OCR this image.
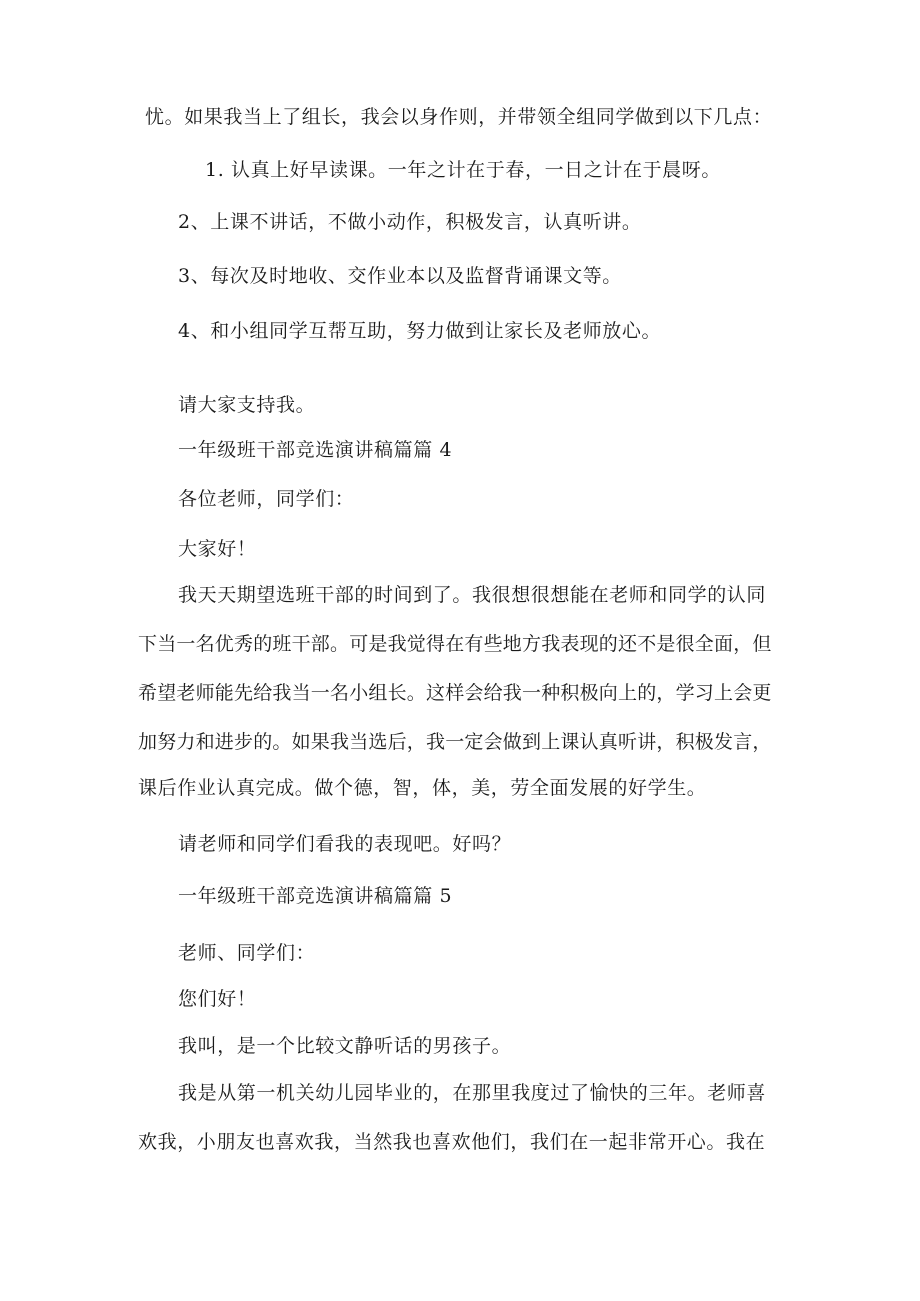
忧。如果我当上了组长，我会以身作则，并带领全组同学做到以下几点：

1. 认真上好早读课。一年之计在于春，一日之计在于晨呀。

2、上课不讲话，不做小动作，积极发言，认真听讲。

3、每次及时地收、交作业本以及监督背诵课文等。

4、和小组同学互帮互助，努力做到让家长及老师放心。

请大家支持我。

一年级班干部竞选演讲稿篇篇 4

各位老师，同学们：

大家好！

我天天期望选班干部的时间到了。我很想很想能在老师和同学的认同

下当一名优秀的班干部。可是我觉得在有些地方我表现的还不是很全面，但

希望老师能先给我当一名小组长。这样会给我一种积极向上的，学习上会更

加努力和进步的。如果我当选后，我一定会做到上课认真听讲，积极发言，

课后作业认真完成。做个德，智，体，美，劳全面发展的好学生。

请老师和同学们看我的表现吧。好吗？

一年级班干部竞选演讲稿篇篇 5

老师、同学们：

您们好！

我叫，是一个比较文静听话的男孩子。

我是从第一机关幼儿园毕业的，在那里我度过了愉快的三年。老师喜

欢我，小朋友也喜欢我，当然我也喜欢他们，我们在一起非常开心。我在
